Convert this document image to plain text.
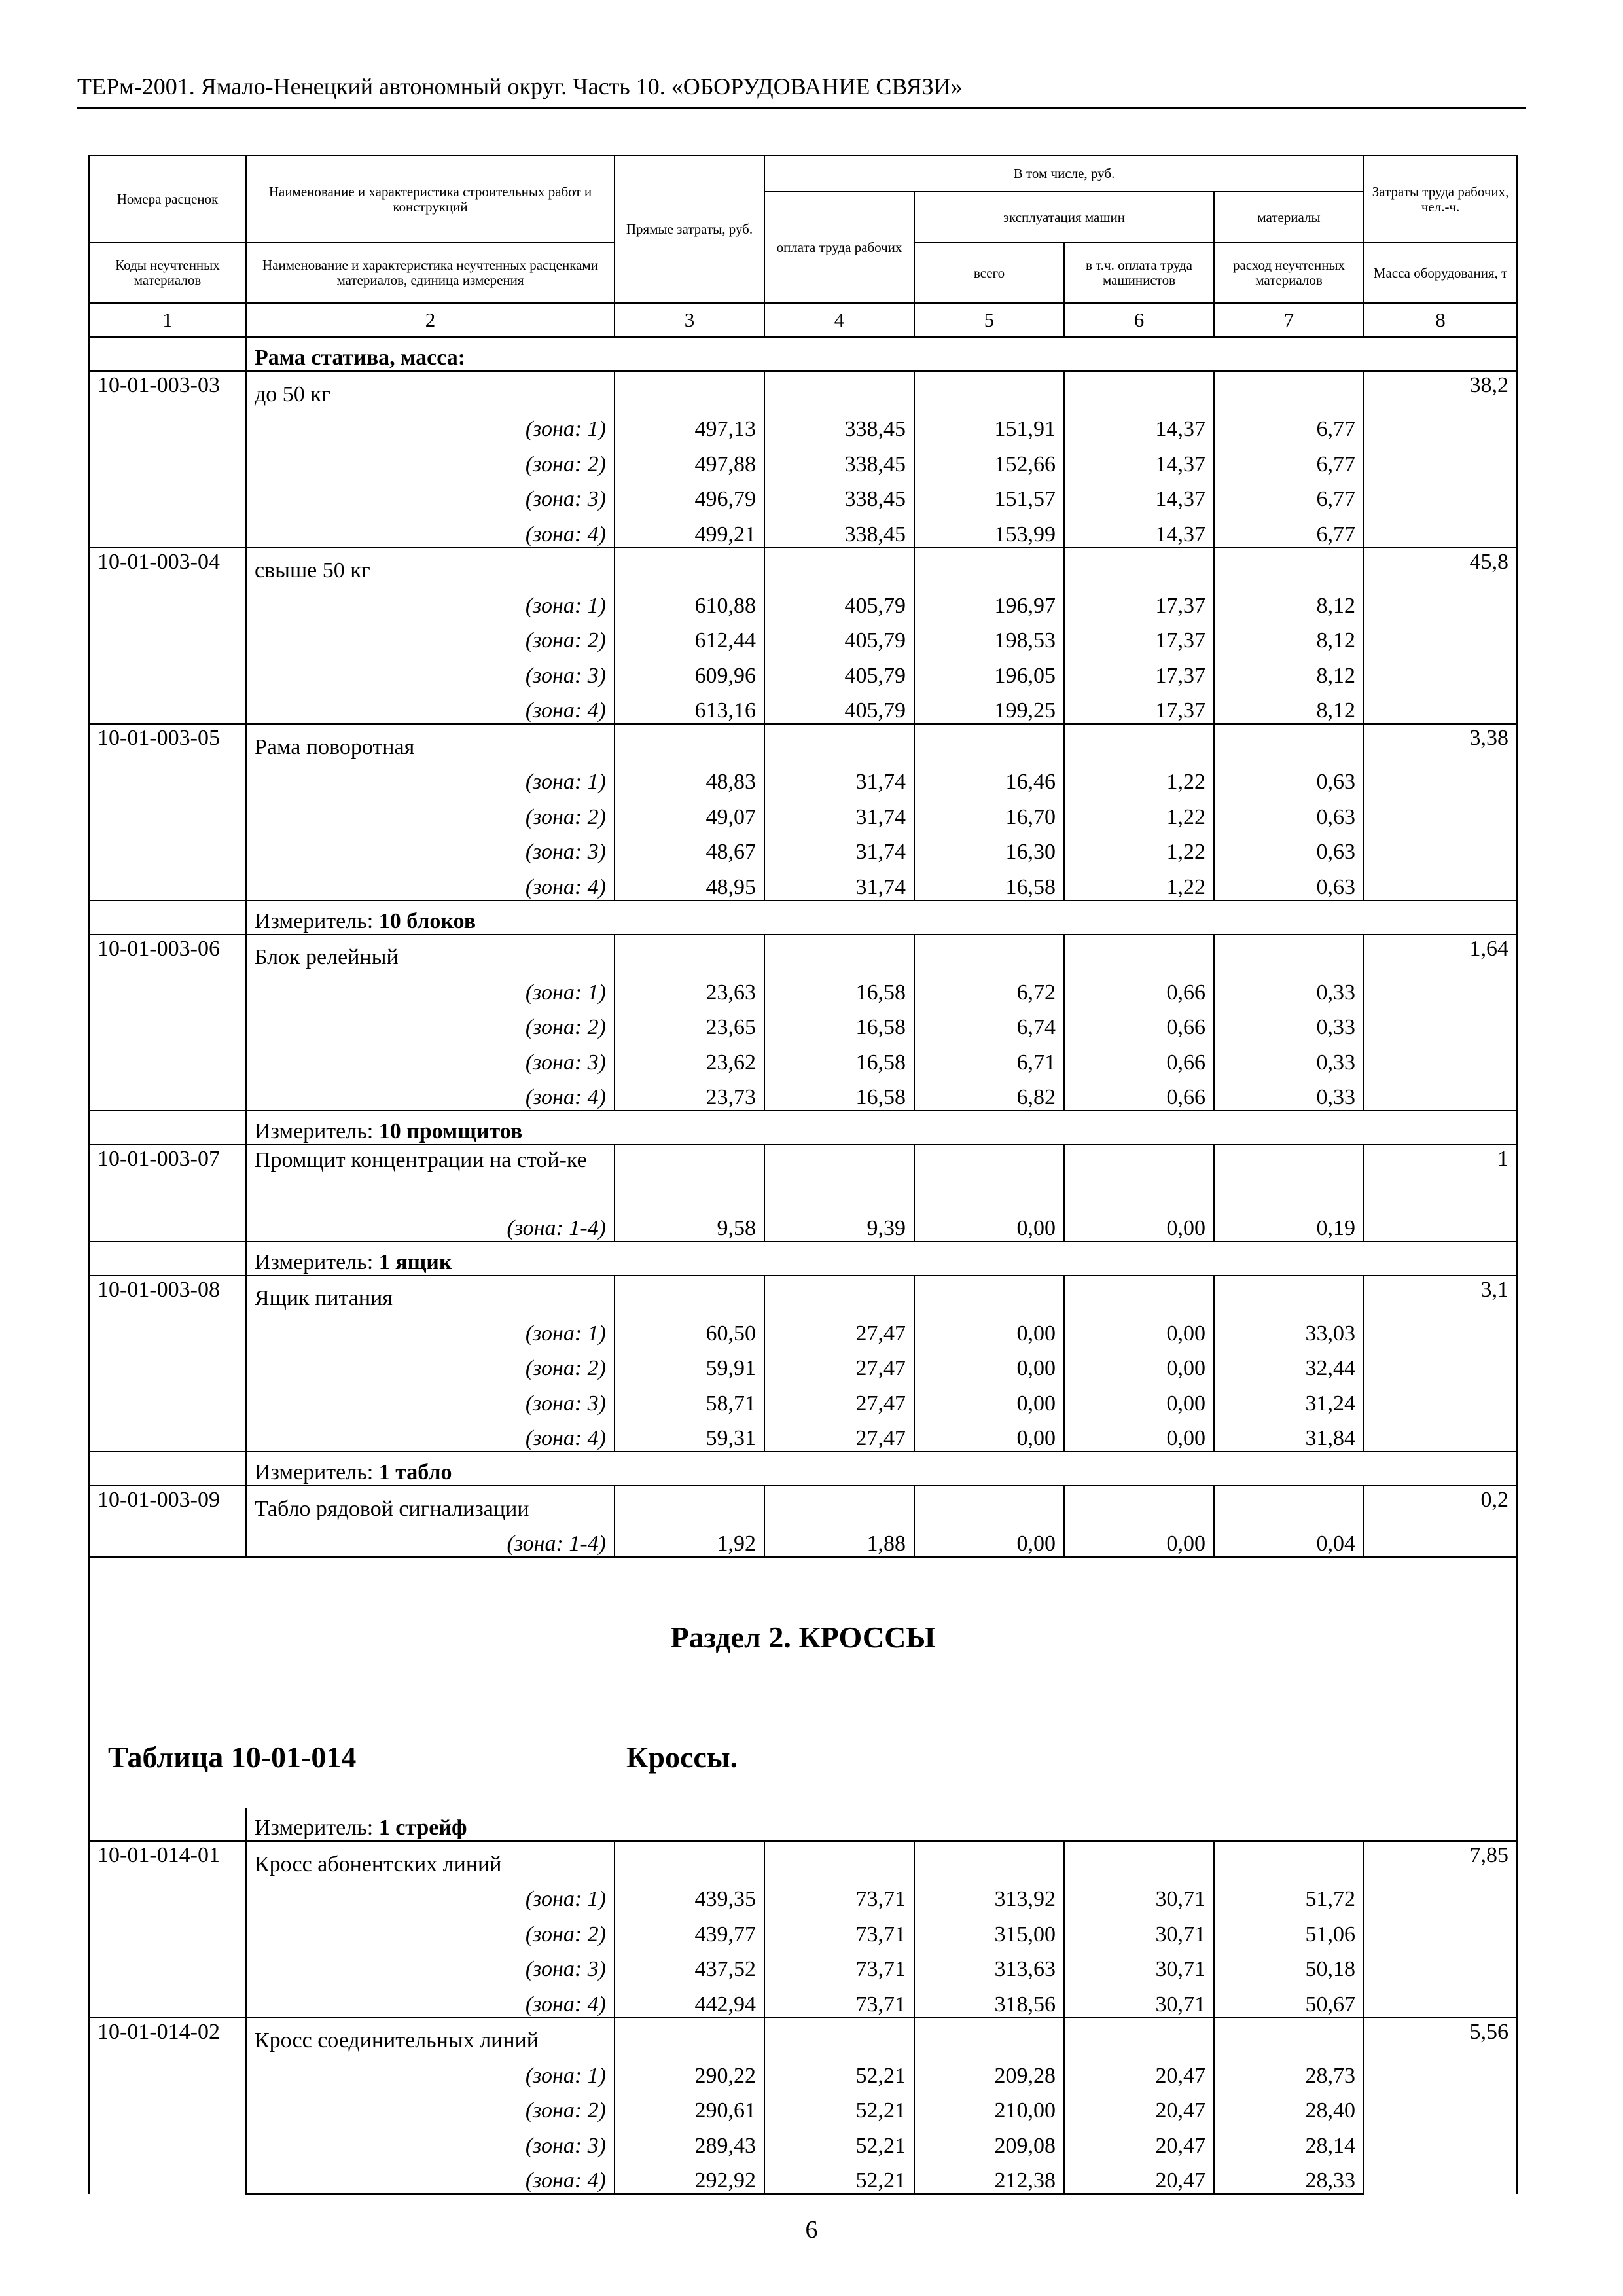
ТЕРм-2001. Ямало-Ненецкий автономный округ. Часть 10. «ОБОРУДОВАНИЕ СВЯЗИ»
Номера расценок	Наименование и характеристика строительных работ и конструкций	Прямые затраты, руб.	В том числе, руб.				Затраты труда рабочих, чел.-ч.
			оплата труда рабочих	эксплуатация машин		материалы	
Коды неучтенных материалов	Наименование и характеристика неучтенных расценками материалов, единица измерения			всего	в т.ч. оплата труда машинистов	расход неучтенных материалов	Масса оборудования, т
1	2	3	4	5	6	7	8
	Рама статива, масса:						
10-01-003-03	до 50 кг						38,2
	(зона: 1)	497,13	338,45	151,91	14,37	6,77	
	(зона: 2)	497,88	338,45	152,66	14,37	6,77	
	(зона: 3)	496,79	338,45	151,57	14,37	6,77	
	(зона: 4)	499,21	338,45	153,99	14,37	6,77	
10-01-003-04	свыше 50 кг						45,8
	(зона: 1)	610,88	405,79	196,97	17,37	8,12	
	(зона: 2)	612,44	405,79	198,53	17,37	8,12	
	(зона: 3)	609,96	405,79	196,05	17,37	8,12	
	(зона: 4)	613,16	405,79	199,25	17,37	8,12	
10-01-003-05	Рама поворотная						3,38
	(зона: 1)	48,83	31,74	16,46	1,22	0,63	
	(зона: 2)	49,07	31,74	16,70	1,22	0,63	
	(зона: 3)	48,67	31,74	16,30	1,22	0,63	
	(зона: 4)	48,95	31,74	16,58	1,22	0,63	
	Измеритель: 10 блоков						
10-01-003-06	Блок релейный						1,64
	(зона: 1)	23,63	16,58	6,72	0,66	0,33	
	(зона: 2)	23,65	16,58	6,74	0,66	0,33	
	(зона: 3)	23,62	16,58	6,71	0,66	0,33	
	(зона: 4)	23,73	16,58	6,82	0,66	0,33	
	Измеритель: 10 промщитов						
10-01-003-07	Промщит концентрации на стой-ке						1
	(зона: 1-4)	9,58	9,39	0,00	0,00	0,19	
	Измеритель: 1 ящик						
10-01-003-08	Ящик питания						3,1
	(зона: 1)	60,50	27,47	0,00	0,00	33,03	
	(зона: 2)	59,91	27,47	0,00	0,00	32,44	
	(зона: 3)	58,71	27,47	0,00	0,00	31,24	
	(зона: 4)	59,31	27,47	0,00	0,00	31,84	
	Измеритель: 1 табло						
10-01-003-09	Табло рядовой сигнализации						0,2
	(зона: 1-4)	1,92	1,88	0,00	0,00	0,04	

Раздел 2. КРОССЫ
Таблица 10-01-014 Кроссы.							

	Измеритель: 1 стрейф						
10-01-014-01	Кросс абонентских линий						7,85
	(зона: 1)	439,35	73,71	313,92	30,71	51,72	
	(зона: 2)	439,77	73,71	315,00	30,71	51,06	
	(зона: 3)	437,52	73,71	313,63	30,71	50,18	
	(зона: 4)	442,94	73,71	318,56	30,71	50,67	
10-01-014-02	Кросс соединительных линий						5,56
	(зона: 1)	290,22	52,21	209,28	20,47	28,73	
	(зона: 2)	290,61	52,21	210,00	20,47	28,40	
	(зона: 3)	289,43	52,21	209,08	20,47	28,14	
	(зона: 4)	292,92	52,21	212,38	20,47	28,33	
6
